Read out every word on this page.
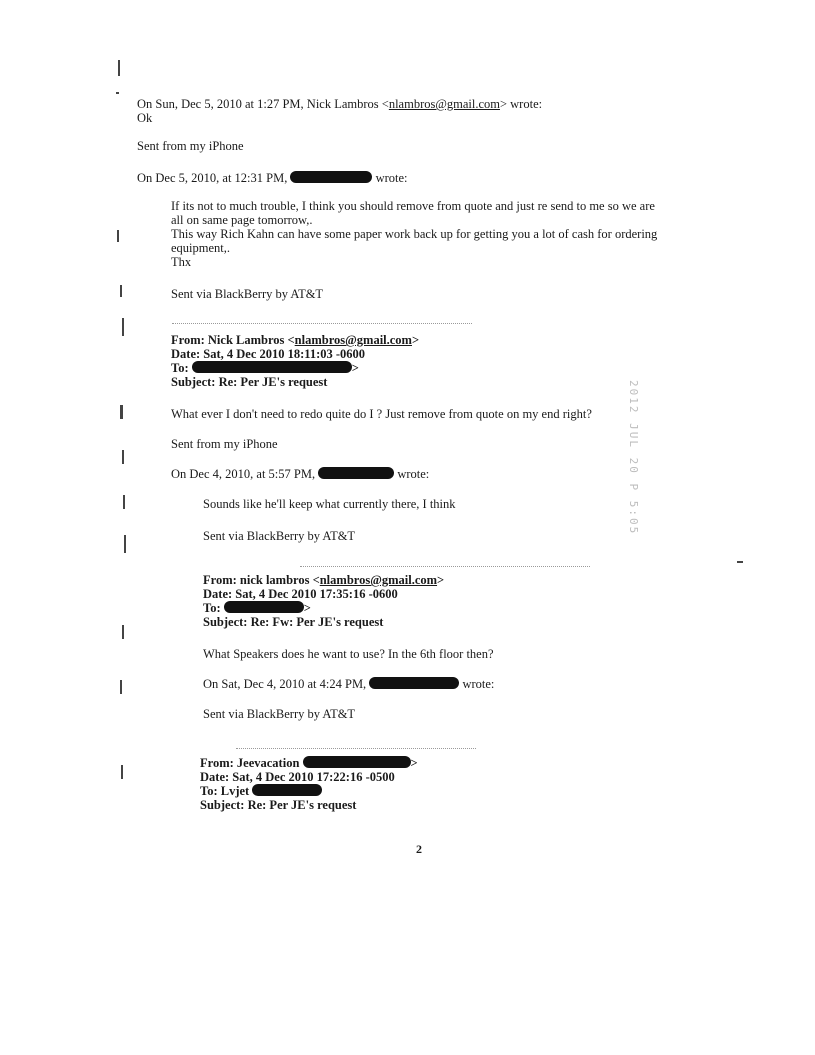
2012 JUL 20 P 5:05
On Sun, Dec 5, 2010 at 1:27 PM, Nick Lambros <nlambros@gmail.com> wrote:
Ok
Sent from my iPhone
On Dec 5, 2010, at 12:31 PM,	wrote:
If its not to much trouble, I think you should remove from quote and just re send to me so we are
all on same page tomorrow,.
This way Rich Kahn can have some paper work back up for getting you a lot of cash for ordering
equipment,.
Thx
Sent via BlackBerry by AT&T
From: Nick Lambros <nlambros@gmail.com>
Date: Sat, 4 Dec 2010 18:11:03 -0600
To:	>
Subject: Re: Per JE's request
What ever I don't need to redo quite do I ? Just remove from quote on my end right?
Sent from my iPhone
On Dec 4, 2010, at 5:57 PM,	wrote:
Sounds like he'll keep what currently there, I think
Sent via BlackBerry by AT&T
From: nick lambros <nlambros@gmail.com>
Date: Sat, 4 Dec 2010 17:35:16 -0600
To:	>
Subject: Re: Fw: Per JE's request
What Speakers does he want to use? In the 6th floor then?
On Sat, Dec 4, 2010 at 4:24 PM,	wrote:
Sent via BlackBerry by AT&T
From: Jeevacation	>
Date: Sat, 4 Dec 2010 17:22:16 -0500
To: Lvjet
Subject: Re: Per JE's request
2
